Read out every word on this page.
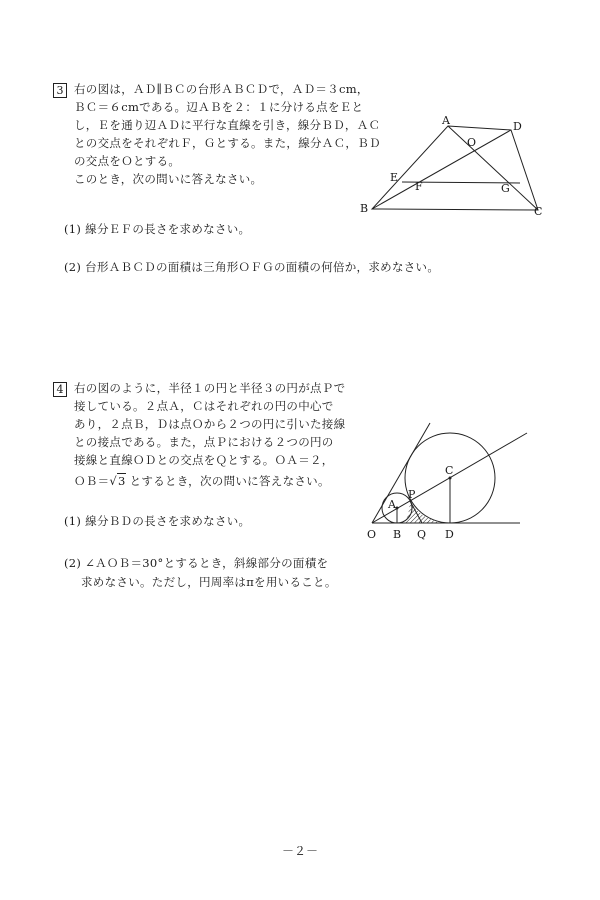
3 右の図は，ＡＤ∥ＢＣの台形ＡＢＣＤで，ＡＤ＝３cm，
ＢＣ＝６cmである。辺ＡＢを２：１に分ける点をＥと
し，Ｅを通り辺ＡＤに平行な直線を引き，線分ＢＤ，ＡＣ
との交点をそれぞれＦ，Ｇとする。また，線分ＡＣ，ＢＤ
の交点をＯとする。
このとき，次の問いに答えなさい。
(1) 線分ＥＦの長さを求めなさい。
(2) 台形ＡＢＣＤの面積は三角形ＯＦＧの面積の何倍か，求めなさい。
A	D
O
E
F	G
B	C
4 右の図のように，半径１の円と半径３の円が点Ｐで
接している。２点Ａ，Ｃはそれぞれの円の中心で
あり，２点Ｂ，Ｄは点Ｏから２つの円に引いた接線
との接点である。また，点Ｐにおける２つの円の
接線と直線ＯＤとの交点をＱとする。ＯＡ＝２，
ＯＢ＝√3 とするとき，次の問いに答えなさい。
(1) 線分ＢＤの長さを求めなさい。
(2) ∠ＡＯＢ＝30°とするとき，斜線部分の面積を
求めなさい。ただし，円周率はπを用いること。
A
C
P
O B Q D
－２－
